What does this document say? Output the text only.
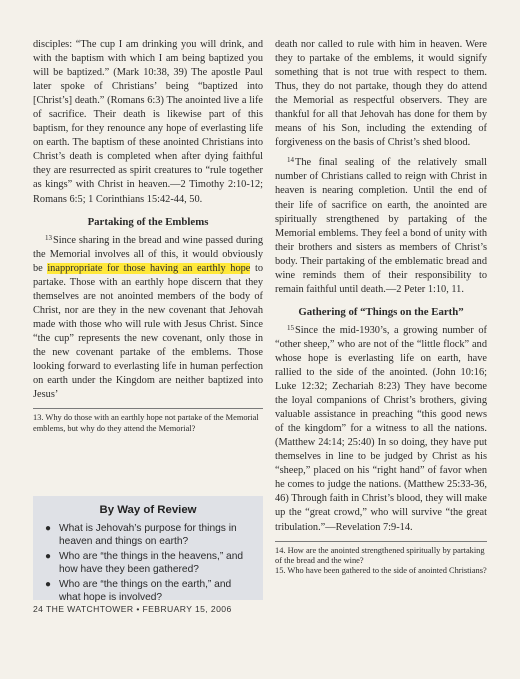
disciples: “The cup I am drinking you will drink, and with the baptism with which I am being baptized you will be baptized.” (Mark 10:38, 39) The apostle Paul later spoke of Christians’ being “baptized into [Christ’s] death.” (Romans 6:3) The anointed live a life of sacrifice. Their death is likewise part of this baptism, for they renounce any hope of everlasting life on earth. The baptism of these anointed Christians into Christ’s death is completed when after dying faithful they are resurrected as spirit creatures to “rule together as kings” with Christ in heaven.—2 Timothy 2:10-12; Romans 6:5; 1 Corinthians 15:42-44, 50.

Partaking of the Emblems

$^{13}$Since sharing in the bread and wine passed during the Memorial involves all of this, it would obviously be inappropriate for those having an earthly hope to partake. Those with an earthly hope discern that they themselves are not anointed members of the body of Christ, nor are they in the new covenant that Jehovah made with those who will rule with Jesus Christ. Since “the cup” represents the new covenant, only those in the new covenant partake of the emblems. Those looking forward to everlasting life in human perfection on earth under the Kingdom are neither baptized into Jesus’

13. Why do those with an earthly hope not partake of the Memorial emblems, but why do they attend the Memorial?

By Way of Review
● What is Jehovah’s purpose for things in heaven and things on earth?
● Who are “the things in the heavens,” and how have they been gathered?
● Who are “the things on the earth,” and what hope is involved?

death nor called to rule with him in heaven. Were they to partake of the emblems, it would signify something that is not true with respect to them. Thus, they do not partake, though they do attend the Memorial as respectful observers. They are thankful for all that Jehovah has done for them by means of his Son, including the extending of forgiveness on the basis of Christ’s shed blood.

$^{14}$The final sealing of the relatively small number of Christians called to reign with Christ in heaven is nearing completion. Until the end of their life of sacrifice on earth, the anointed are spiritually strengthened by partaking of the Memorial emblems. They feel a bond of unity with their brothers and sisters as members of Christ’s body. Their partaking of the emblematic bread and wine reminds them of their responsibility to remain faithful until death.—2 Peter 1:10, 11.

Gathering of “Things on the Earth”

$^{15}$Since the mid-1930’s, a growing number of “other sheep,” who are not of the “little flock” and whose hope is everlasting life on earth, have rallied to the side of the anointed. (John 10:16; Luke 12:32; Zechariah 8:23) They have become the loyal companions of Christ’s brothers, giving valuable assistance in preaching “this good news of the kingdom” for a witness to all the nations. (Matthew 24:14; 25:40) In so doing, they have put themselves in line to be judged by Christ as his “sheep,” placed on his “right hand” of favor when he comes to judge the nations. (Matthew 25:33-36, 46) Through faith in Christ’s blood, they will make up the “great crowd,” who will survive “the great tribulation.”—Revelation 7:9-14.

14. How are the anointed strengthened spiritually by partaking of the bread and the wine?

15. Who have been gathered to the side of anointed Christians?

24 THE WATCHTOWER • FEBRUARY 15, 2006
